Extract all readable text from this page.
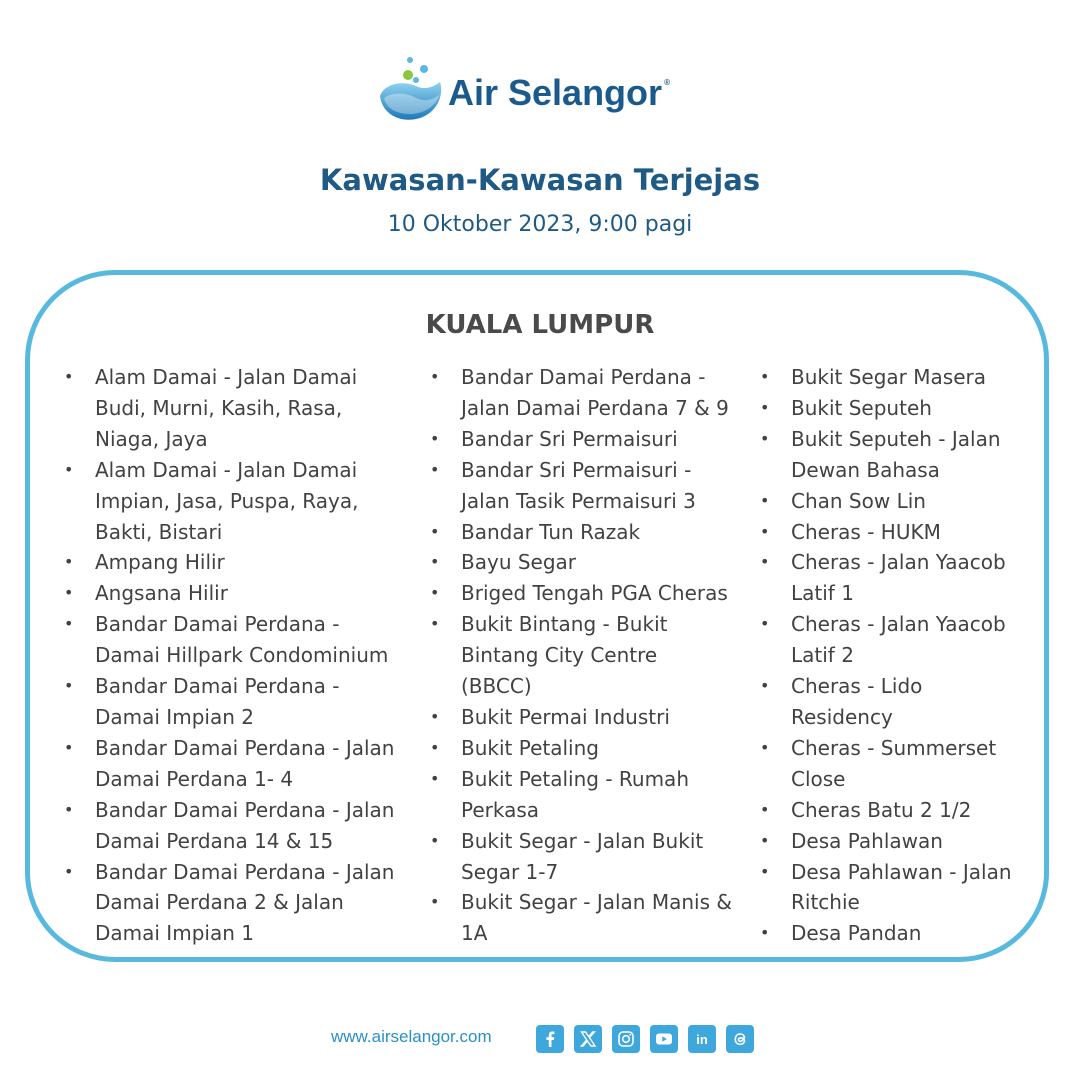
Air Selangor ®
Kawasan-Kawasan Terjejas
10 Oktober 2023, 9:00 pagi
KUALA LUMPUR
• Alam Damai - Jalan Damai
Budi, Murni, Kasih, Rasa,
Niaga, Jaya
• Alam Damai - Jalan Damai
Impian, Jasa, Puspa, Raya,
Bakti, Bistari
• Ampang Hilir
• Angsana Hilir
• Bandar Damai Perdana -
Damai Hillpark Condominium
• Bandar Damai Perdana -
Damai Impian 2
• Bandar Damai Perdana - Jalan
Damai Perdana 1- 4
• Bandar Damai Perdana - Jalan
Damai Perdana 14 & 15
• Bandar Damai Perdana - Jalan
Damai Perdana 2 & Jalan
Damai Impian 1
• Bandar Damai Perdana -
Jalan Damai Perdana 7 & 9
• Bandar Sri Permaisuri
• Bandar Sri Permaisuri -
Jalan Tasik Permaisuri 3
• Bandar Tun Razak
• Bayu Segar
• Briged Tengah PGA Cheras
• Bukit Bintang - Bukit
Bintang City Centre
(BBCC)
• Bukit Permai Industri
• Bukit Petaling
• Bukit Petaling - Rumah
Perkasa
• Bukit Segar - Jalan Bukit
Segar 1-7
• Bukit Segar - Jalan Manis &
1A
• Bukit Segar Masera
• Bukit Seputeh
• Bukit Seputeh - Jalan
Dewan Bahasa
• Chan Sow Lin
• Cheras - HUKM
• Cheras - Jalan Yaacob
Latif 1
• Cheras - Jalan Yaacob
Latif 2
• Cheras - Lido
Residency
• Cheras - Summerset
Close
• Cheras Batu 2 1/2
• Desa Pahlawan
• Desa Pahlawan - Jalan
Ritchie
• Desa Pandan
www.airselangor.com	in
